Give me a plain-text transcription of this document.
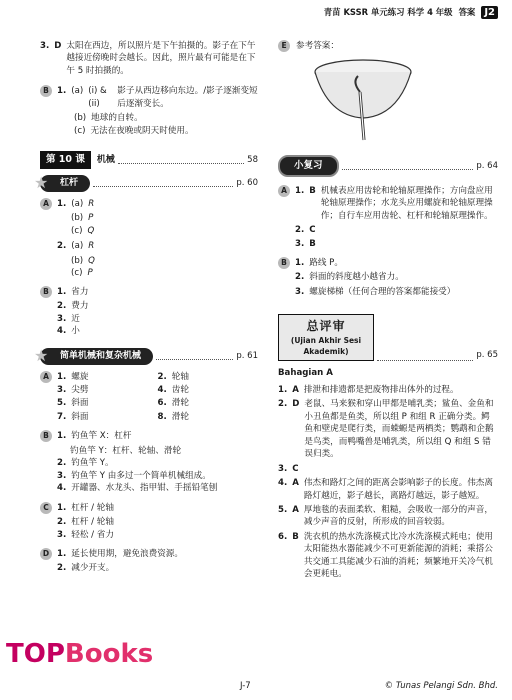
青苗 KSSR 单元练习 科学 4 年级 答案 J2
3. D 太阳在西边，所以照片是下午拍摄的。影子在下午越接近傍晚时会越长。因此，照片最有可能是在下午 5 时拍摄的。
B 1. (a) (i) & (ii)
影子从西边移向东边。/影子逐渐变短后逐渐变长。
(b) 地球的自转。
(c) 无法在夜晚或阴天时使用。
第 10 课	机械	58
★ 杠杆	p. 60
A 1. (a) R
(b) P
(c) Q
2. (a) R
(b) Q
(c) P
B 1. 省力
2. 费力
3. 近
4. 小
★ 简单机械和复杂机械	p. 61
A 1. 螺旋	2. 轮轴
3. 尖劈	4. 齿轮
5. 斜面	6. 滑轮
7. 斜面	8. 滑轮
B 1. 钓鱼竿 X：杠杆
钓鱼竿 Y：杠杆、轮轴、滑轮
2. 钓鱼竿 Y。
3. 钓鱼竿 Y 由多过一个简单机械组成。
4. 开罐器、水龙头、指甲钳、手摇铅笔刨
C 1. 杠杆 / 轮轴
2. 杠杆 / 轮轴
3. 轻松 / 省力
D 1. 延长使用期，避免浪费资源。
2. 减少开支。
E	参考答案：
小复习	p. 64
A 1. B 机械表应用齿轮和轮轴原理操作；方向盘应用轮轴原理操作；水龙头应用螺旋和轮轴原理操作；自行车应用齿轮、杠杆和轮轴原理操作。
2. C
3. B
B 1. 路线 P。
2. 斜面的斜度越小越省力。
3. 螺旋梯梯（任何合理的答案都能接受）
总评审
(Ujian Akhir Sesi Akademik)	p. 65
Bahagian A
1. A 排泄和排遗都是把废物排出体外的过程。
2. D 老鼠、马来猴和穿山甲都是哺乳类；鲨鱼、金鱼和小丑鱼都是鱼类，所以组 P 和组 R 正确分类。鳄鱼和壁虎是爬行类，而蝾螈是两栖类；鹦鹉和企鹅是鸟类，而鸭嘴兽是哺乳类，所以组 Q 和组 S 错误归类。
3. C
4. A 伟杰和路灯之间的距离会影响影子的长度。伟杰离路灯越近，影子越长，离路灯越远，影子越短。
5. A 厚地毯的表面柔软、粗糙，会吸收一部分的声音，减少声音的反射，所形成的回音较弱。
6. B 洗衣机的热水洗涤模式比冷水洗涤模式耗电；使用太阳能热水器能减少不可更新能源的消耗；乘搭公共交通工具能减少石油的消耗；频繁地开关冷气机会更耗电。
J-7	© Tunas Pelangi Sdn. Bhd.
TOPBooks
